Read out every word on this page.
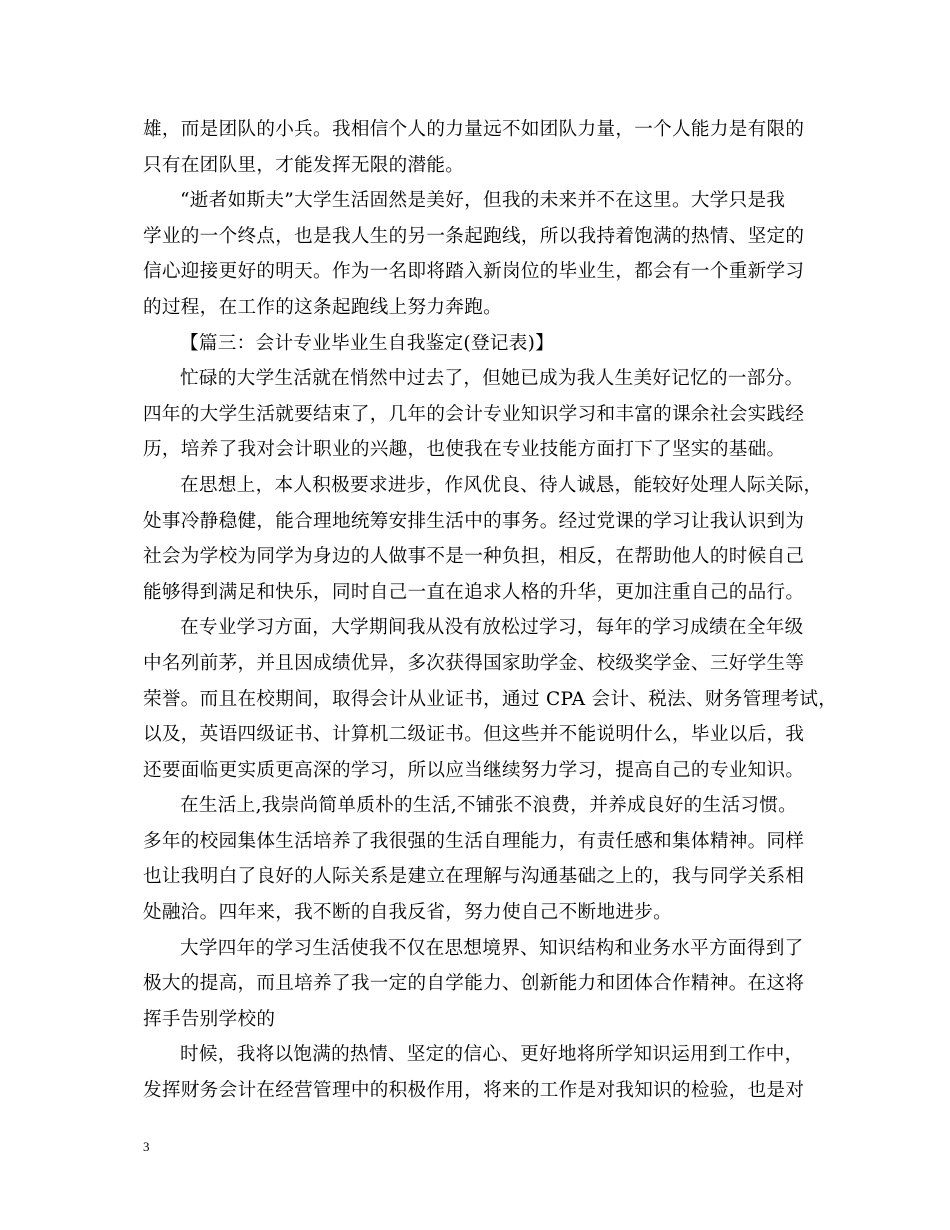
雄，而是团队的小兵。我相信个人的力量远不如团队力量，一个人能力是有限的
只有在团队里，才能发挥无限的潜能。
“逝者如斯夫”大学生活固然是美好，但我的未来并不在这里。大学只是我
学业的一个终点，也是我人生的另一条起跑线，所以我持着饱满的热情、坚定的
信心迎接更好的明天。作为一名即将踏入新岗位的毕业生，都会有一个重新学习
的过程，在工作的这条起跑线上努力奔跑。
【篇三：会计专业毕业生自我鉴定(登记表)】
忙碌的大学生活就在悄然中过去了，但她已成为我人生美好记忆的一部分。
四年的大学生活就要结束了，几年的会计专业知识学习和丰富的课余社会实践经
历，培养了我对会计职业的兴趣，也使我在专业技能方面打下了坚实的基础。
在思想上，本人积极要求进步，作风优良、待人诚恳，能较好处理人际关际，
处事冷静稳健，能合理地统筹安排生活中的事务。经过党课的学习让我认识到为
社会为学校为同学为身边的人做事不是一种负担，相反，在帮助他人的时候自己
能够得到满足和快乐，同时自己一直在追求人格的升华，更加注重自己的品行。
在专业学习方面，大学期间我从没有放松过学习，每年的学习成绩在全年级
中名列前茅，并且因成绩优异，多次获得国家助学金、校级奖学金、三好学生等
荣誉。而且在校期间，取得会计从业证书，通过 CPA 会计、税法、财务管理考试，
以及，英语四级证书、计算机二级证书。但这些并不能说明什么，毕业以后，我
还要面临更实质更高深的学习，所以应当继续努力学习，提高自己的专业知识。
在生活上,我崇尚简单质朴的生活,不铺张不浪费，并养成良好的生活习惯。
多年的校园集体生活培养了我很强的生活自理能力，有责任感和集体精神。同样
也让我明白了良好的人际关系是建立在理解与沟通基础之上的，我与同学关系相
处融洽。四年来，我不断的自我反省，努力使自己不断地进步。
大学四年的学习生活使我不仅在思想境界、知识结构和业务水平方面得到了
极大的提高，而且培养了我一定的自学能力、创新能力和团体合作精神。在这将
挥手告别学校的
时候，我将以饱满的热情、坚定的信心、更好地将所学知识运用到工作中，
发挥财务会计在经营管理中的积极作用，将来的工作是对我知识的检验，也是对
3
